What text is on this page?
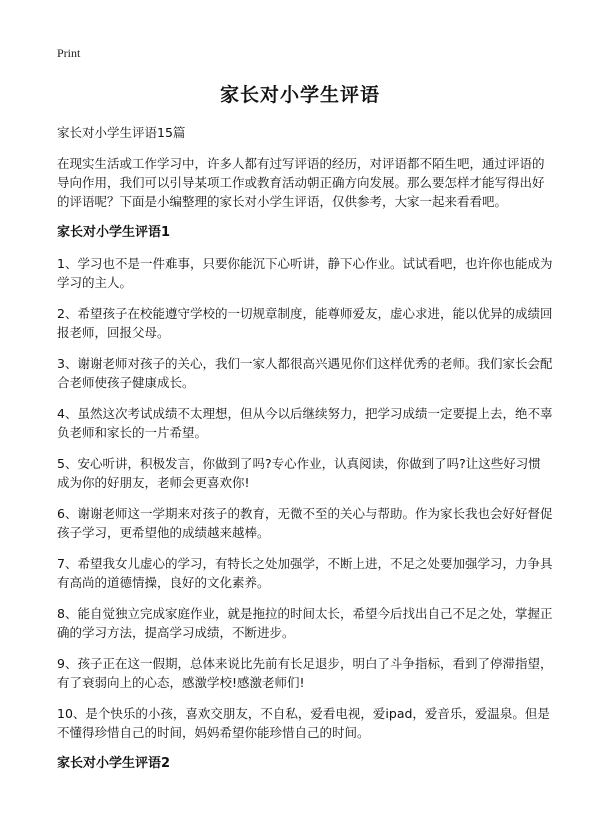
Print
家长对小学生评语

家长对小学生评语15篇

在现实生活或工作学习中，许多人都有过写评语的经历，对评语都不陌生吧，通过评语的导向作用，我们可以引导某项工作或教育活动朝正确方向发展。那么要怎样才能写得出好的评语呢？下面是小编整理的家长对小学生评语，仅供参考，大家一起来看看吧。

家长对小学生评语1

1、学习也不是一件难事，只要你能沉下心听讲，静下心作业。试试看吧，也许你也能成为学习的主人。

2、希望孩子在校能遵守学校的一切规章制度，能尊师爱友，虚心求进，能以优异的成绩回报老师，回报父母。

3、谢谢老师对孩子的关心，我们一家人都很高兴遇见你们这样优秀的老师。我们家长会配合老师使孩子健康成长。

4、虽然这次考试成绩不太理想，但从今以后继续努力，把学习成绩一定要提上去，绝不辜负老师和家长的一片希望。

5、安心听讲，积极发言，你做到了吗?专心作业，认真阅读，你做到了吗?让这些好习惯成为你的好朋友，老师会更喜欢你!

6、谢谢老师这一学期来对孩子的教育，无微不至的关心与帮助。作为家长我也会好好督促孩子学习，更希望他的成绩越来越棒。

7、希望我女儿虚心的学习，有特长之处加强学，不断上进，不足之处要加强学习，力争具有高尚的道德情操，良好的文化素养。

8、能自觉独立完成家庭作业，就是拖拉的时间太长，希望今后找出自己不足之处，掌握正确的学习方法，提高学习成绩，不断进步。

9、孩子正在这一假期，总体来说比先前有长足退步，明白了斗争指标，看到了停滞指望，有了衰弱向上的心态，感激学校!感激老师们!

10、是个快乐的小孩，喜欢交朋友，不自私，爱看电视，爱ipad，爱音乐，爱温泉。但是不懂得珍惜自己的时间，妈妈希望你能珍惜自己的时间。

家长对小学生评语2
